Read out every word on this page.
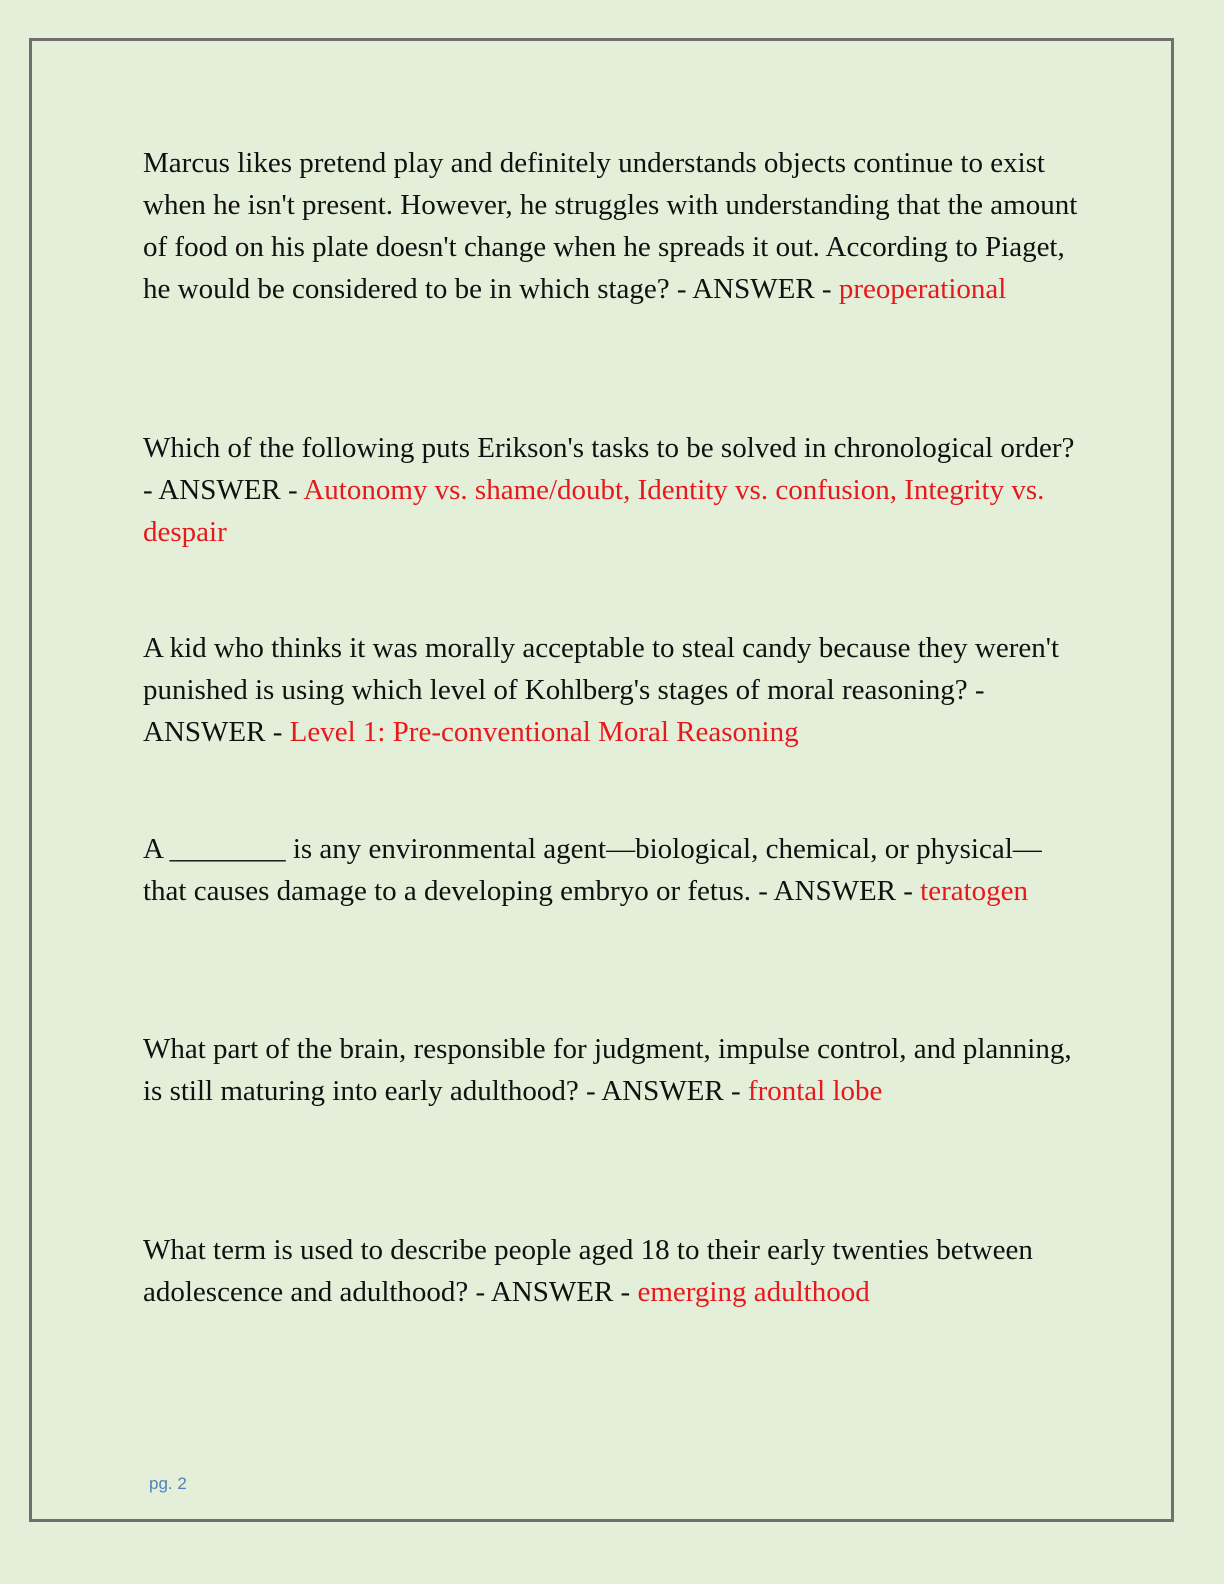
Marcus likes pretend play and definitely understands objects continue to exist when he isn't present. However, he struggles with understanding that the amount of food on his plate doesn't change when he spreads it out. According to Piaget, he would be considered to be in which stage? - ANSWER - preoperational

Which of the following puts Erikson's tasks to be solved in chronological order? - ANSWER - Autonomy vs. shame/doubt, Identity vs. confusion, Integrity vs. despair

A kid who thinks it was morally acceptable to steal candy because they weren't punished is using which level of Kohlberg's stages of moral reasoning? - ANSWER - Level 1: Pre-conventional Moral Reasoning

A ________ is any environmental agent—biological, chemical, or physical—that causes damage to a developing embryo or fetus. - ANSWER - teratogen

What part of the brain, responsible for judgment, impulse control, and planning, is still maturing into early adulthood? - ANSWER - frontal lobe

What term is used to describe people aged 18 to their early twenties between adolescence and adulthood? - ANSWER - emerging adulthood

pg. 2
